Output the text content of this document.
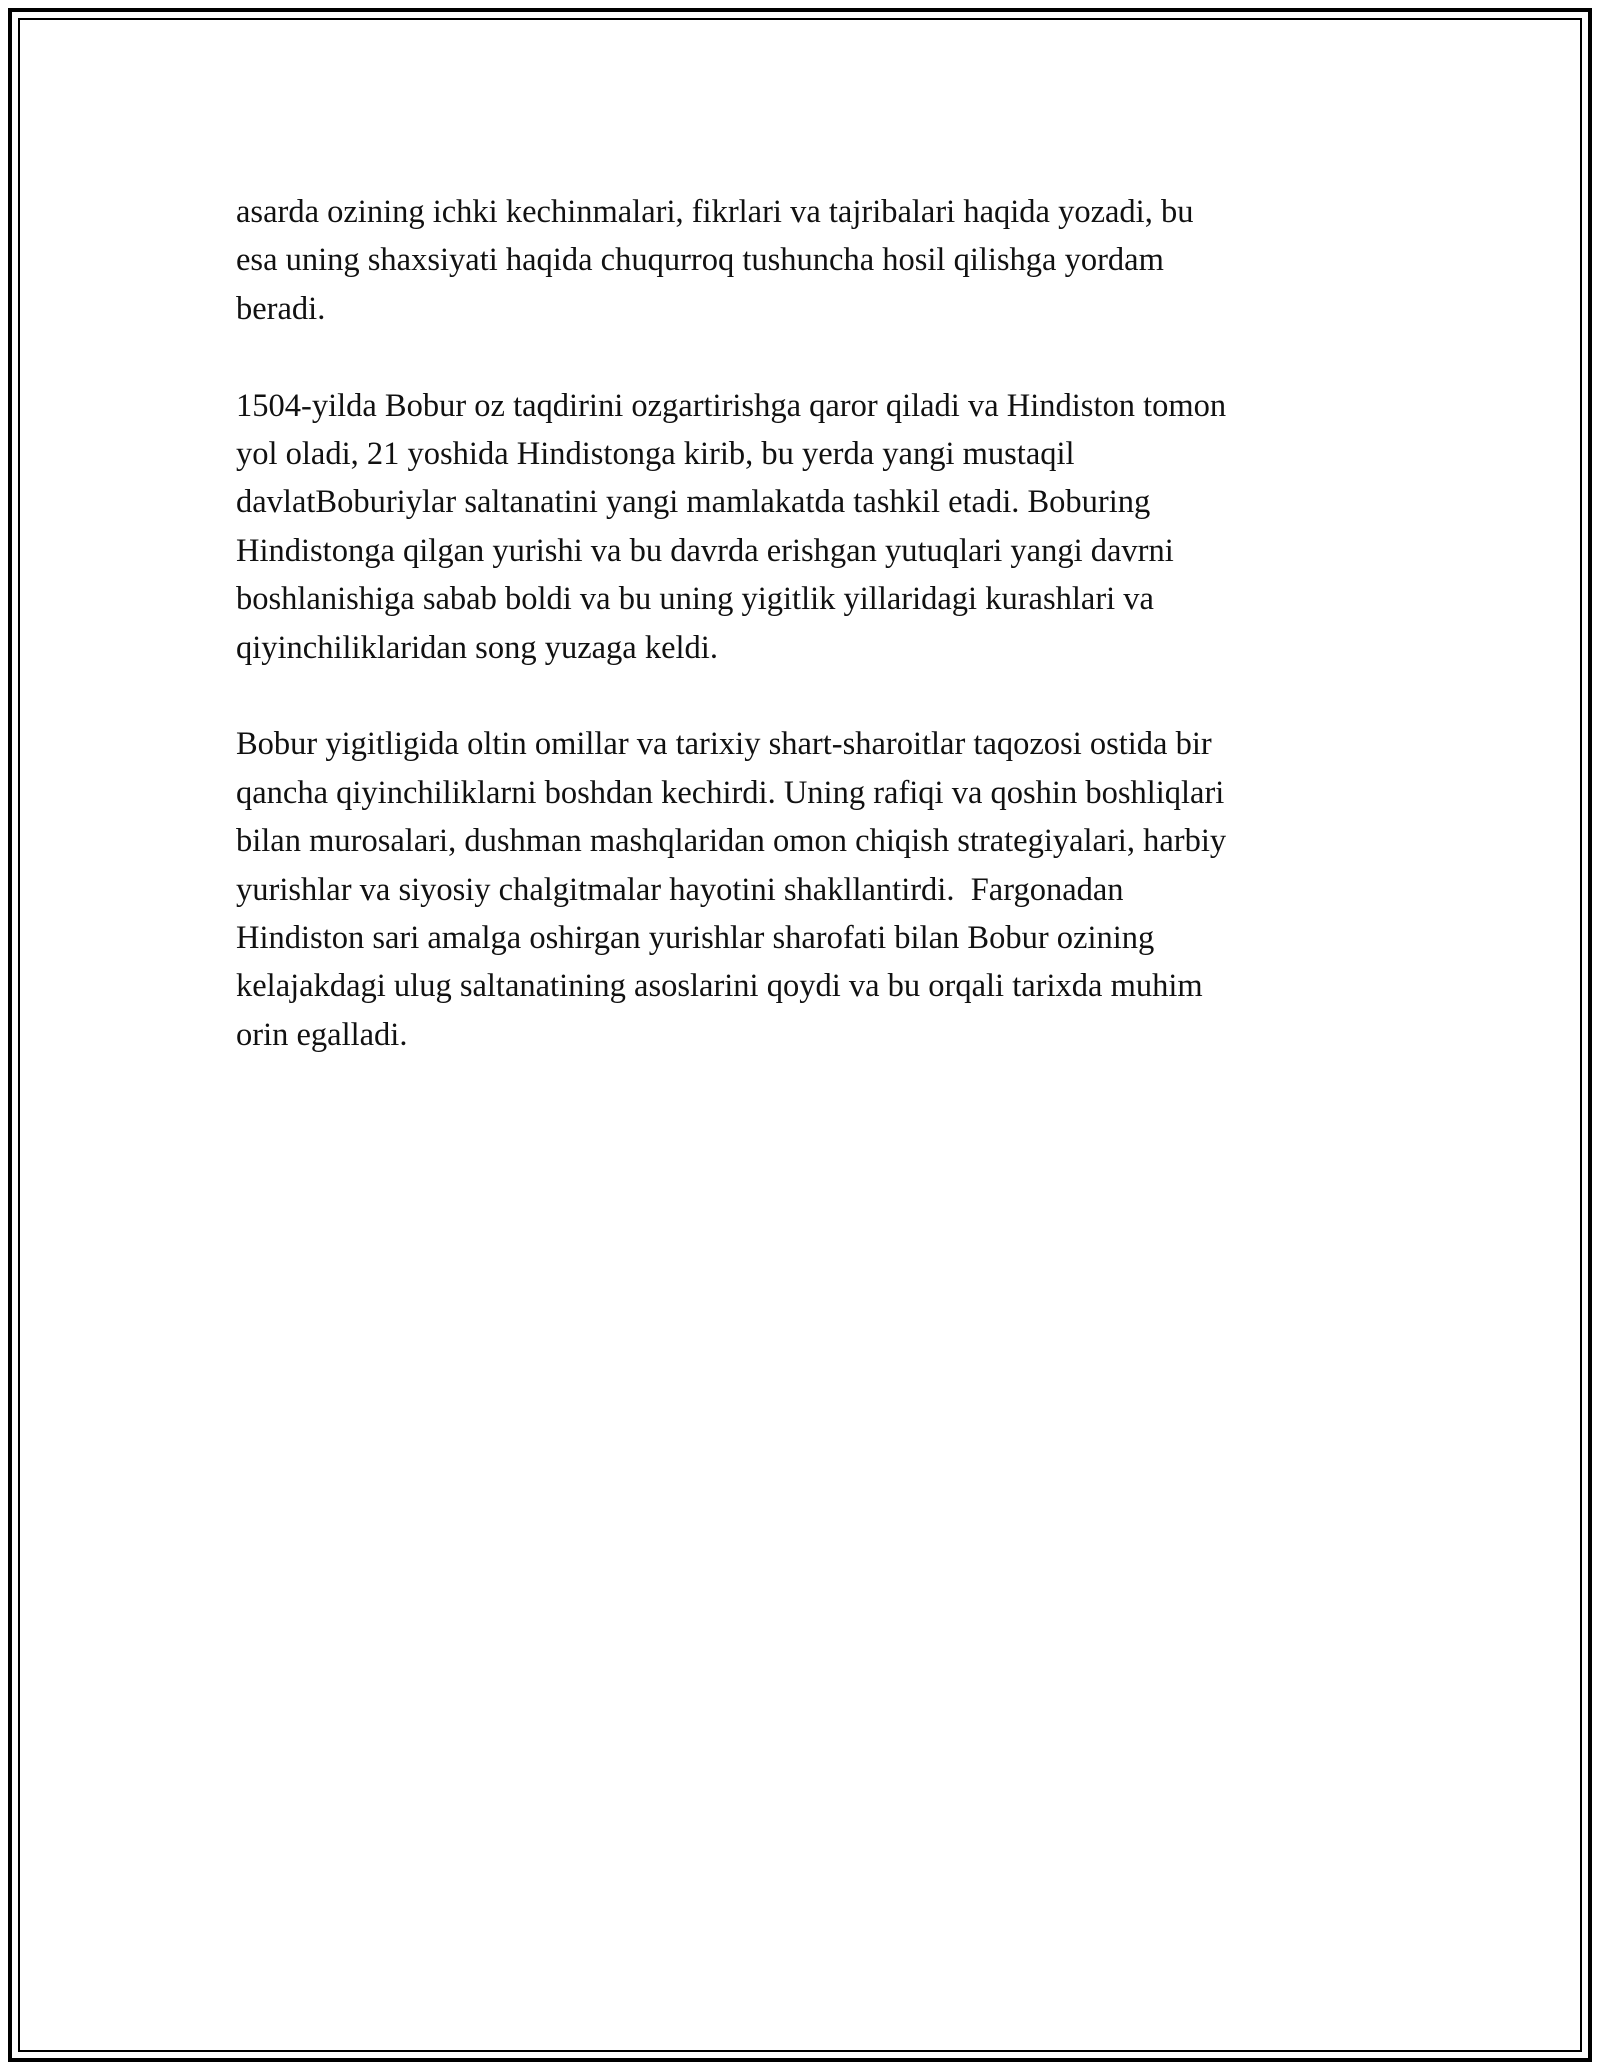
asarda ozining ichki kechinmalari, fikrlari va tajribalari haqida yozadi, bu
esa uning shaxsiyati haqida chuqurroq tushuncha hosil qilishga yordam
beradi.
1504-yilda Bobur oz taqdirini ozgartirishga qaror qiladi va Hindiston tomon
yol oladi, 21 yoshida Hindistonga kirib, bu yerda yangi mustaqil
davlatBoburiylar saltanatini yangi mamlakatda tashkil etadi. Boburing
Hindistonga qilgan yurishi va bu davrda erishgan yutuqlari yangi davrni
boshlanishiga sabab boldi va bu uning yigitlik yillaridagi kurashlari va
qiyinchiliklaridan song yuzaga keldi.
Bobur yigitligida oltin omillar va tarixiy shart-sharoitlar taqozosi ostida bir
qancha qiyinchiliklarni boshdan kechirdi. Uning rafiqi va qoshin boshliqlari
bilan murosalari, dushman mashqlaridan omon chiqish strategiyalari, harbiy
yurishlar va siyosiy chalgitmalar hayotini shakllantirdi.  Fargonadan
Hindiston sari amalga oshirgan yurishlar sharofati bilan Bobur ozining
kelajakdagi ulug saltanatining asoslarini qoydi va bu orqali tarixda muhim
orin egalladi.
